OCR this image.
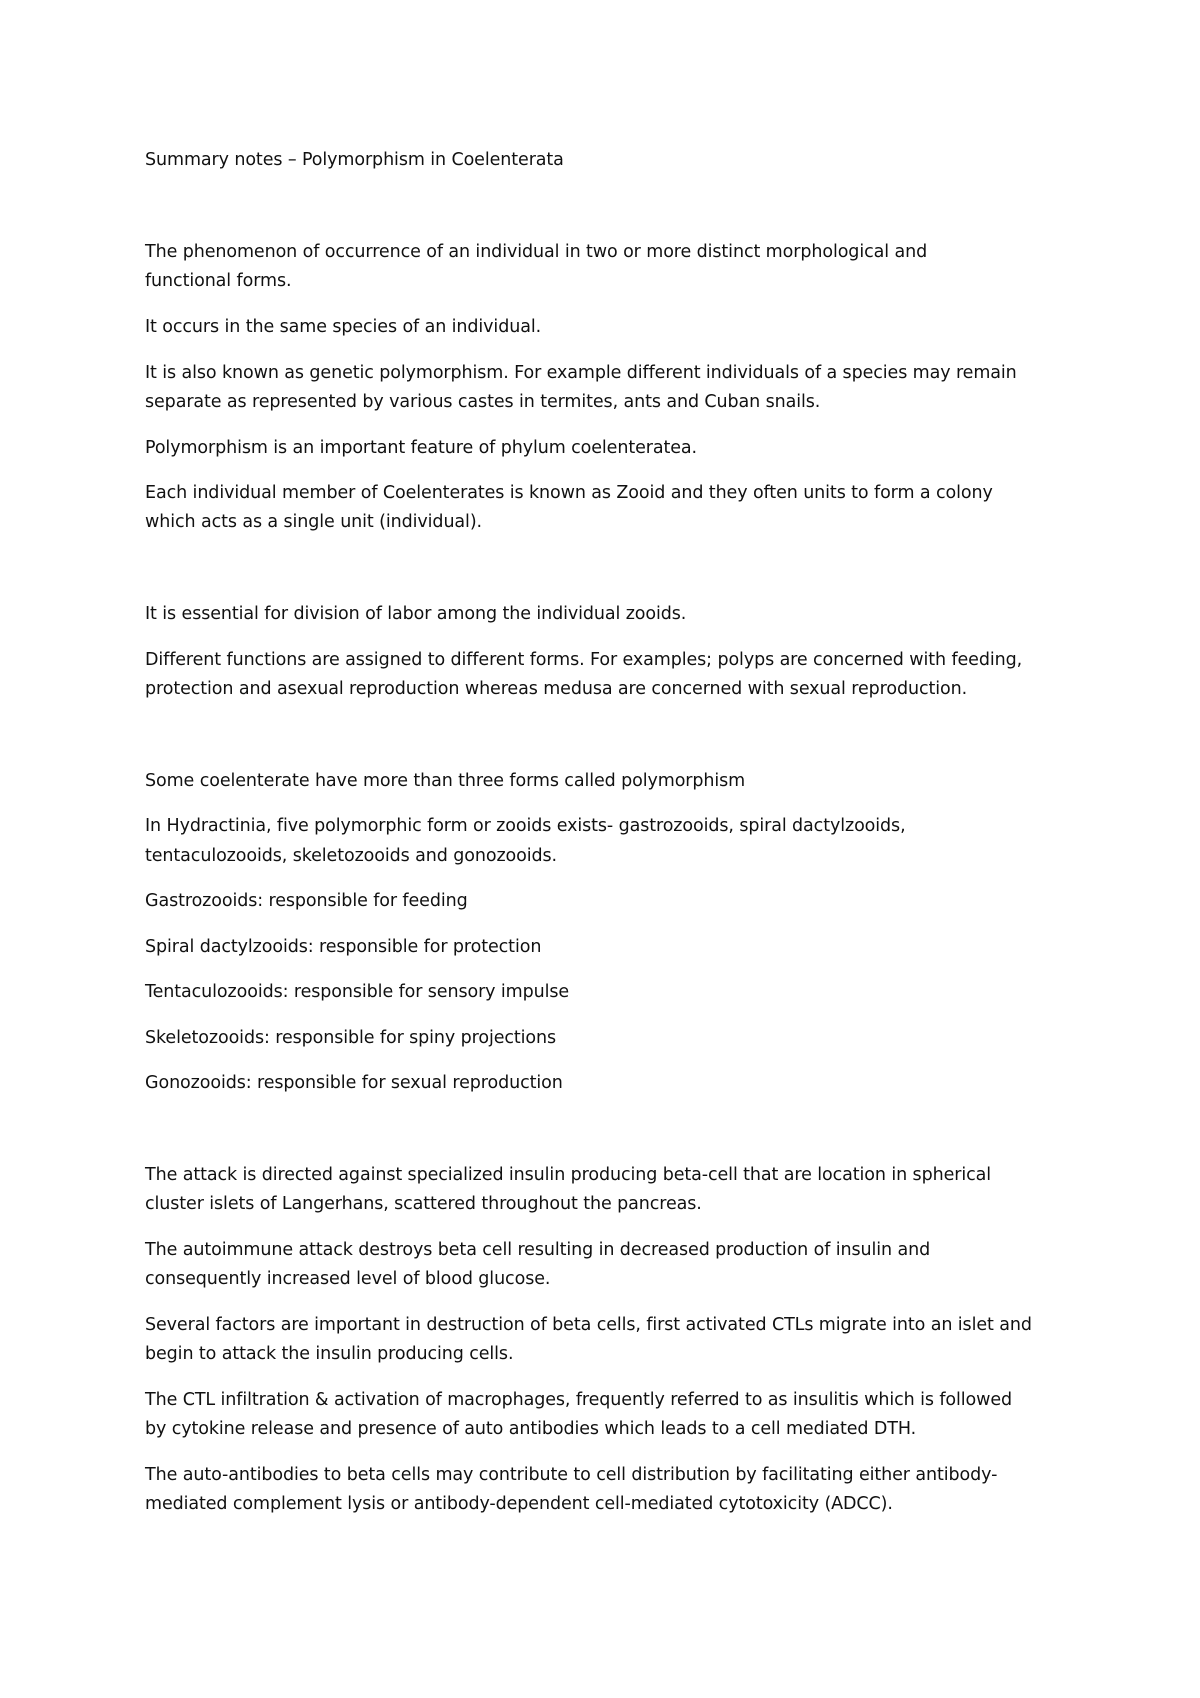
Summary notes – Polymorphism in Coelenterata
The phenomenon of occurrence of an individual in two or more distinct morphological and
functional forms.
It occurs in the same species of an individual.
It is also known as genetic polymorphism. For example different individuals of a species may remain
separate as represented by various castes in termites, ants and Cuban snails.
Polymorphism is an important feature of phylum coelenteratea.
Each individual member of Coelenterates is known as Zooid and they often units to form a colony
which acts as a single unit (individual).
It is essential for division of labor among the individual zooids.
Different functions are assigned to different forms. For examples; polyps are concerned with feeding,
protection and asexual reproduction whereas medusa are concerned with sexual reproduction.
Some coelenterate have more than three forms called polymorphism
In Hydractinia, five polymorphic form or zooids exists- gastrozooids, spiral dactylzooids,
tentaculozooids, skeletozooids and gonozooids.
Gastrozooids: responsible for feeding
Spiral dactylzooids: responsible for protection
Tentaculozooids: responsible for sensory impulse
Skeletozooids: responsible for spiny projections
Gonozooids: responsible for sexual reproduction
The attack is directed against specialized insulin producing beta-cell that are location in spherical
cluster islets of Langerhans, scattered throughout the pancreas.
The autoimmune attack destroys beta cell resulting in decreased production of insulin and
consequently increased level of blood glucose.
Several factors are important in destruction of beta cells, first activated CTLs migrate into an islet and
begin to attack the insulin producing cells.
The CTL infiltration & activation of macrophages, frequently referred to as insulitis which is followed
by cytokine release and presence of auto antibodies which leads to a cell mediated DTH.
The auto-antibodies to beta cells may contribute to cell distribution by facilitating either antibody-
mediated complement lysis or antibody-dependent cell-mediated cytotoxicity (ADCC).
